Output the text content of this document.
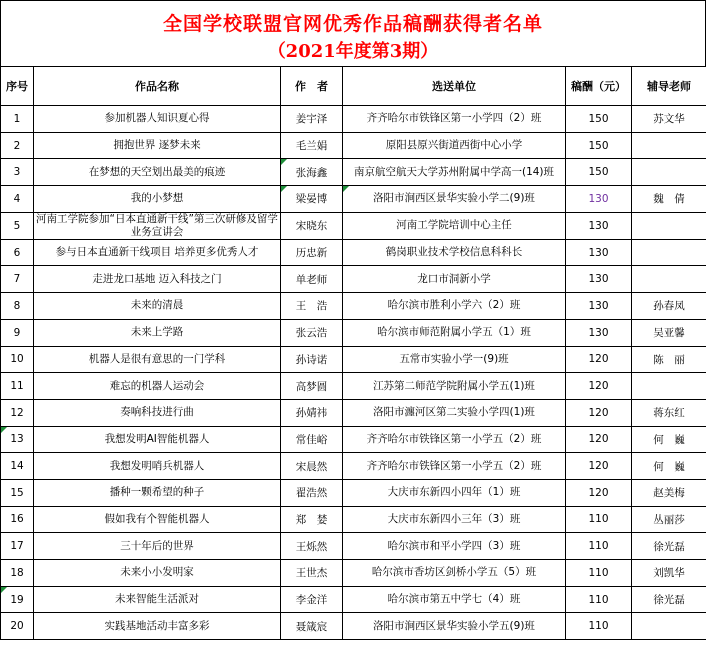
全国学校联盟官网优秀作品稿酬获得者名单
（2021年度第3期）
序号	作品名称	作　者	选送单位	稿酬（元）	辅导老师
1	参加机器人知识夏心得	姜宇泽	齐齐哈尔市铁锋区第一小学四（2）班	150	苏文华
2	拥抱世界 逐梦未来	毛兰娟	原阳县原兴街道西街中心小学	150	
3	在梦想的天空划出最美的痕迹	张海鑫	南京航空航天大学苏州附属中学高一(14)班	150	
4	我的小梦想	梁晏博	洛阳市涧西区景华实验小学二(9)班	130	魏　倩
5	河南工学院参加“日本直通新干线”第三次研修及留学业务宣讲会	宋晓东	河南工学院培训中心主任	130	
6	参与日本直通新干线项目 培养更多优秀人才	历忠新	鹤岗职业技术学校信息科科长	130	
7	走进龙口基地 迈入科技之门	单老师	龙口市洞新小学	130	
8	未来的清晨	王　浩	哈尔滨市胜利小学六（2）班	130	孙春凤
9	未来上学路	张云浩	哈尔滨市师范附属小学五（1）班	130	吴亚馨
10	机器人是很有意思的一门学科	孙诗诺	五常市实验小学一(9)班	120	陈　丽
11	难忘的机器人运动会	高梦圆	江苏第二师范学院附属小学五(1)班	120	
12	奏响科技进行曲	孙婧祎	洛阳市瀍河区第二实验小学四(1)班	120	蒋东红
13	我想发明AI智能机器人	常佳峪	齐齐哈尔市铁锋区第一小学五（2）班	120	何　巍
14	我想发明哨兵机器人	宋晨然	齐齐哈尔市铁锋区第一小学五（2）班	120	何　巍
15	播种一颗希望的种子	翟浩然	大庆市东新四小四年（1）班	120	赵美梅
16	假如我有个智能机器人	郑　婪	大庆市东新四小三年（3）班	110	丛丽莎
17	三十年后的世界	王烁然	哈尔滨市和平小学四（3）班	110	徐光磊
18	未来小小发明家	王世杰	哈尔滨市香坊区剑桥小学五（5）班	110	刘凯华
19	未来智能生活派对	李金洋	哈尔滨市第五中学七（4）班	110	徐光磊
20	实践基地活动丰富多彩	聂箴宸	洛阳市涧西区景华实验小学五(9)班	110	
